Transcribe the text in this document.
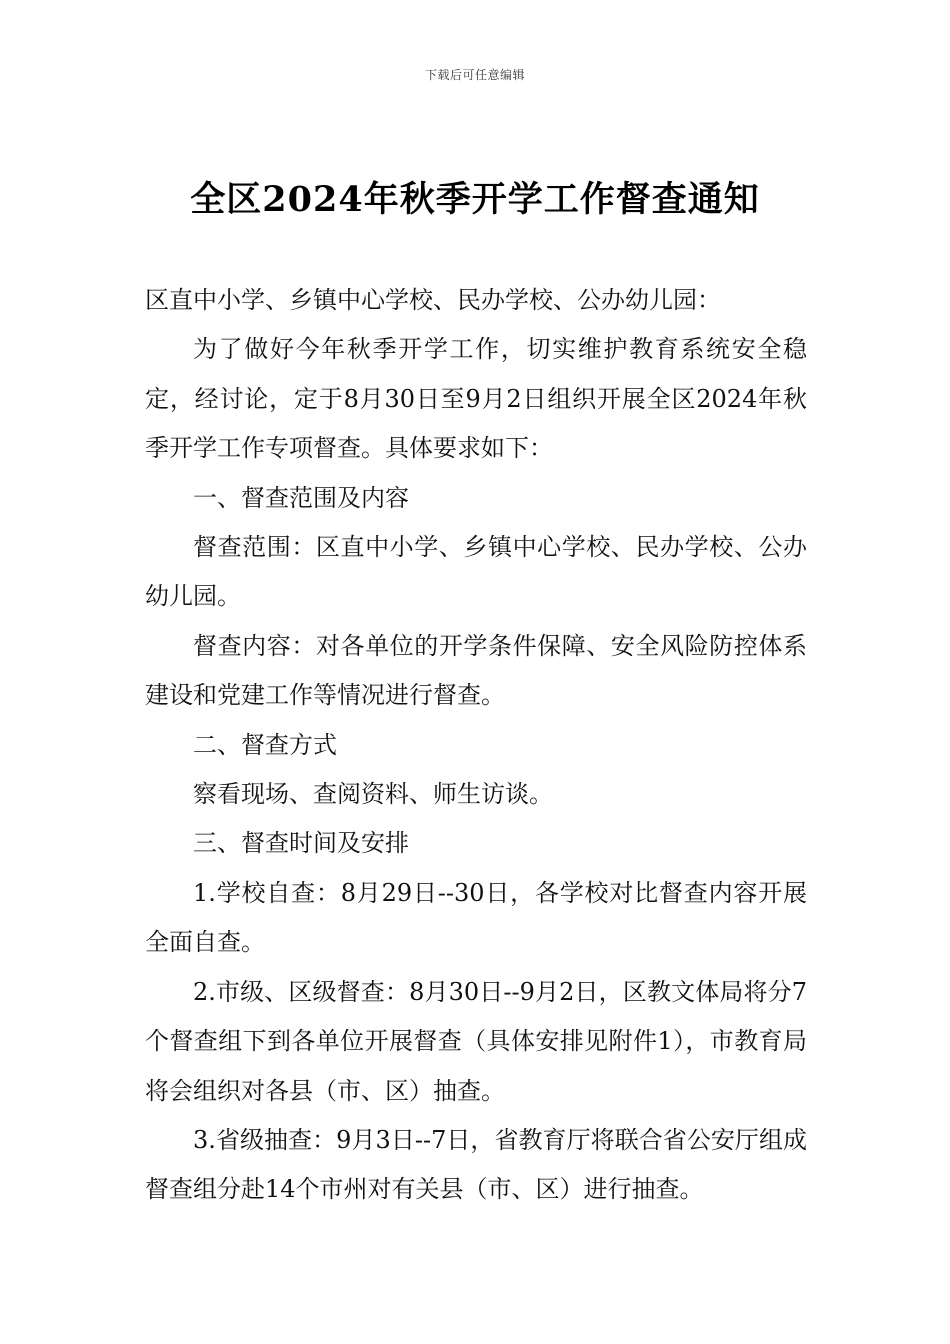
下载后可任意编辑
全区2024年秋季开学工作督查通知

区直中小学、乡镇中心学校、民办学校、公办幼儿园：

为了做好今年秋季开学工作，切实维护教育系统安全稳定，经讨论，定于8月30日至9月2日组织开展全区2024年秋季开学工作专项督查。具体要求如下：

一、督查范围及内容

督查范围：区直中小学、乡镇中心学校、民办学校、公办幼儿园。

督查内容：对各单位的开学条件保障、安全风险防控体系建设和党建工作等情况进行督查。

二、督查方式

察看现场、查阅资料、师生访谈。

三、督查时间及安排

1.学校自查：8月29日--30日，各学校对比督查内容开展全面自查。

2.市级、区级督查：8月30日--9月2日，区教文体局将分7个督查组下到各单位开展督查（具体安排见附件1），市教育局将会组织对各县（市、区）抽查。

3.省级抽查：9月3日--7日，省教育厅将联合省公安厅组成督查组分赴14个市州对有关县（市、区）进行抽查。
